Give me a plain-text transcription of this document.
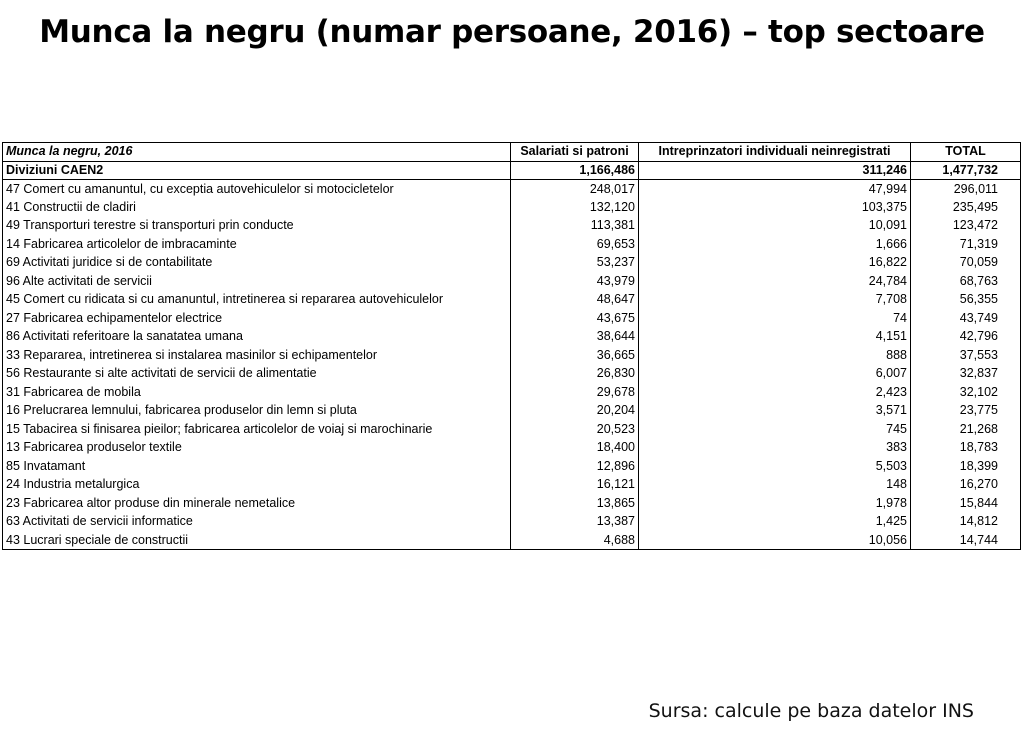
Munca la negru (numar persoane, 2016) – top sectoare
Munca la negru, 2016	Salariati si patroni	Intreprinzatori individuali neinregistrati	TOTAL
Diviziuni CAEN2	1,166,486	311,246	1,477,732
47 Comert cu amanuntul, cu exceptia autovehiculelor si motocicletelor	248,017	47,994	296,011
41 Constructii de cladiri	132,120	103,375	235,495
49 Transporturi terestre si transporturi prin conducte	113,381	10,091	123,472
14 Fabricarea articolelor de imbracaminte	69,653	1,666	71,319
69 Activitati juridice si de contabilitate	53,237	16,822	70,059
96 Alte activitati de servicii	43,979	24,784	68,763
45 Comert cu ridicata si cu amanuntul, intretinerea si repararea autovehiculelor	48,647	7,708	56,355
27 Fabricarea echipamentelor electrice	43,675	74	43,749
86 Activitati referitoare la sanatatea umana	38,644	4,151	42,796
33 Repararea, intretinerea si instalarea masinilor si echipamentelor	36,665	888	37,553
56 Restaurante si alte activitati de servicii de alimentatie	26,830	6,007	32,837
31 Fabricarea de mobila	29,678	2,423	32,102
16 Prelucrarea lemnului, fabricarea produselor din lemn si pluta	20,204	3,571	23,775
15 Tabacirea si finisarea pieilor; fabricarea articolelor de voiaj si marochinarie	20,523	745	21,268
13 Fabricarea produselor textile	18,400	383	18,783
85 Invatamant	12,896	5,503	18,399
24 Industria metalurgica	16,121	148	16,270
23 Fabricarea altor produse din minerale nemetalice	13,865	1,978	15,844
63 Activitati de servicii informatice	13,387	1,425	14,812
43 Lucrari speciale de constructii	4,688	10,056	14,744
Sursa: calcule pe baza datelor INS
